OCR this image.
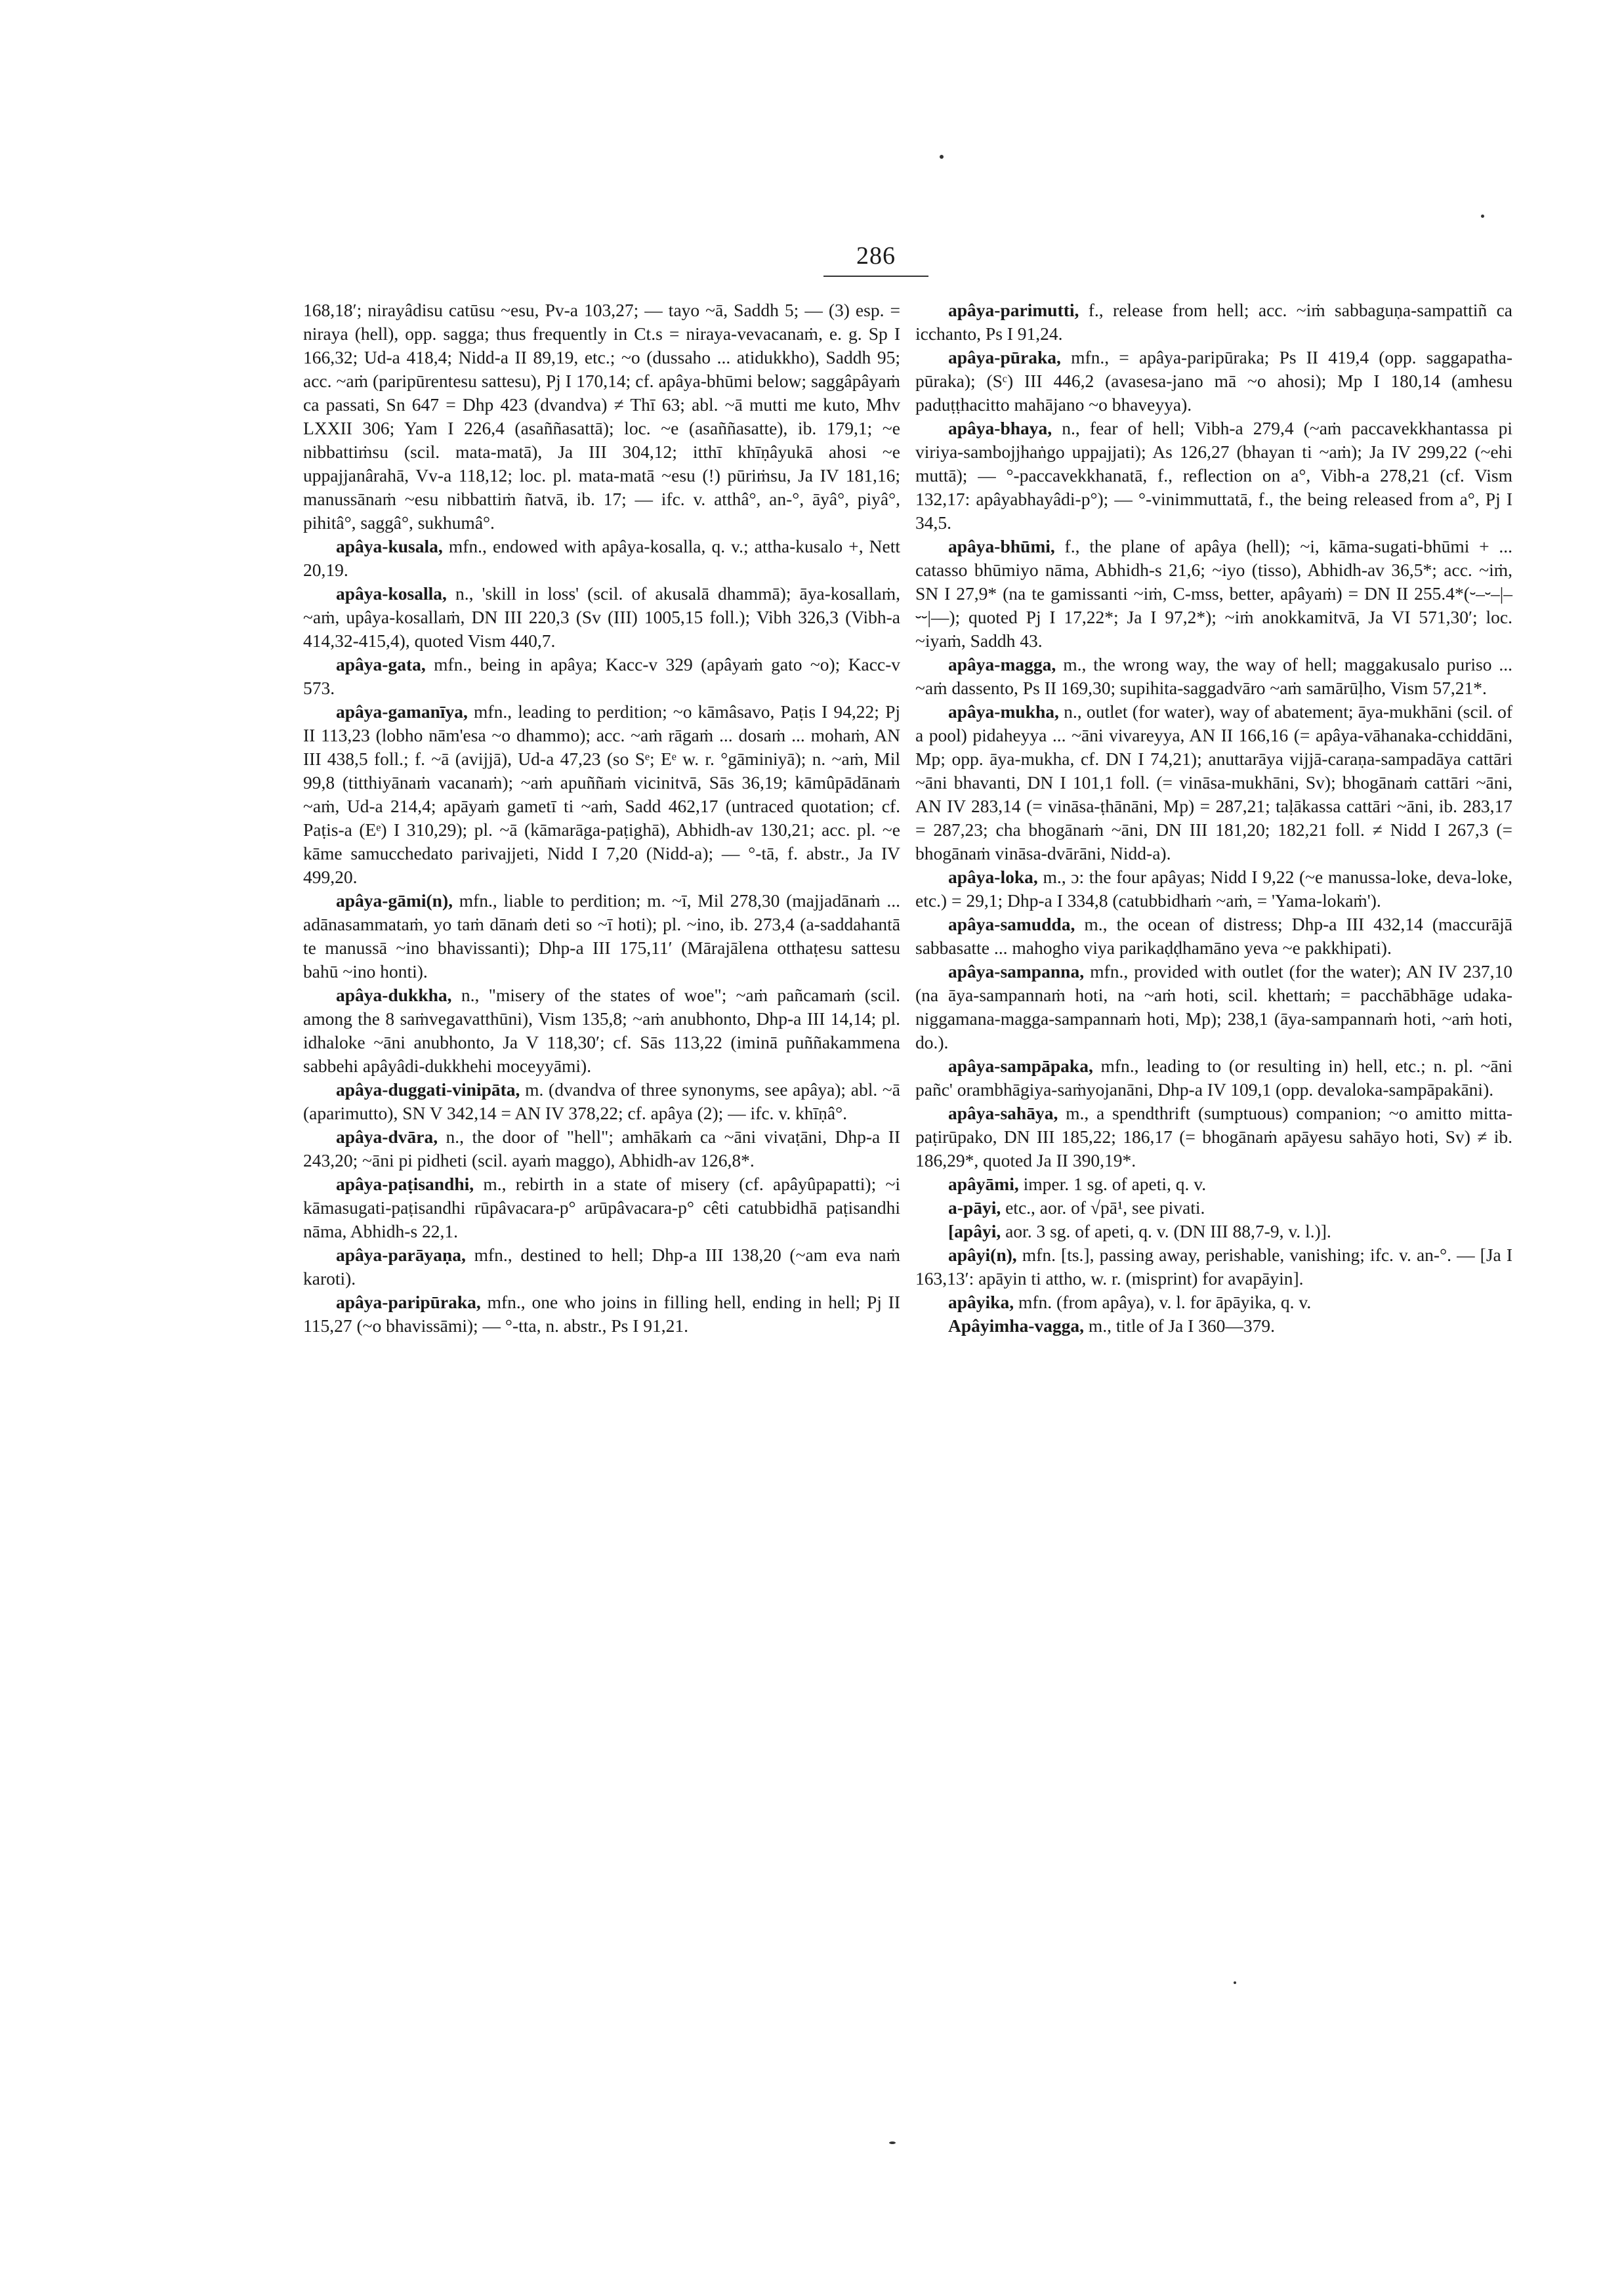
286
168,18′; nirayâdisu catūsu ~esu, Pv-a 103,27; — tayo ~ā, Saddh 5; — (3) esp. = niraya (hell), opp. sagga; thus frequently in Ct.s = niraya-vevacanaṁ, e. g. Sp I 166,32; Ud-a 418,4; Nidd-a II 89,19, etc.; ~o (dussaho ... atidukkho), Saddh 95; acc. ~aṁ (paripūrentesu sattesu), Pj I 170,14; cf. apâya-bhūmi below; saggâpâyaṁ ca passati, Sn 647 = Dhp 423 (dvandva) ≠ Thī 63; abl. ~ā mutti me kuto, Mhv LXXII 306; Yam I 226,4 (asaññasattā); loc. ~e (asaññasatte), ib. 179,1; ~e nibbattiṁsu (scil. mata-matā), Ja III 304,12; itthī khīṇâyukā ahosi ~e uppajjanârahā, Vv-a 118,12; loc. pl. mata-matā ~esu (!) pūriṁsu, Ja IV 181,16; manussānaṁ ~esu nibbattiṁ ñatvā, ib. 17; — ifc. v. atthâ°, an-°, āyâ°, piyâ°, pihitâ°, saggâ°, sukhumâ°.
apâya-kusala, mfn., endowed with apâya-kosalla, q. v.; attha-kusalo +, Nett 20,19.
apâya-kosalla, n., 'skill in loss' (scil. of akusalā dhammā); āya-kosallaṁ, ~aṁ, upâya-kosallaṁ, DN III 220,3 (Sv (III) 1005,15 foll.); Vibh 326,3 (Vibh-a 414,32-415,4), quoted Vism 440,7.
apâya-gata, mfn., being in apâya; Kacc-v 329 (apâyaṁ gato ~o); Kacc-v 573.
apâya-gamanīya, mfn., leading to perdition; ~o kāmâsavo, Paṭis I 94,22; Pj II 113,23 (lobho nām'esa ~o dhammo); acc. ~aṁ rāgaṁ ... dosaṁ ... mohaṁ, AN III 438,5 foll.; f. ~ā (avijjā), Ud-a 47,23 (so Sᵉ; Eᵉ w. r. °gāminiyā); n. ~aṁ, Mil 99,8 (titthiyānaṁ vacanaṁ); ~aṁ apuññaṁ vicinitvā, Sās 36,19; kāmûpādānaṁ ~aṁ, Ud-a 214,4; apāyaṁ gametī ti ~aṁ, Sadd 462,17 (untraced quotation; cf. Paṭis-a (Eᵉ) I 310,29); pl. ~ā (kāmarāga-paṭighā), Abhidh-av 130,21; acc. pl. ~e kāme samucchedato parivajjeti, Nidd I 7,20 (Nidd-a); — °-tā, f. abstr., Ja IV 499,20.
apâya-gāmi(n), mfn., liable to perdition; m. ~ī, Mil 278,30 (majjadānaṁ ... adānasammataṁ, yo taṁ dānaṁ deti so ~ī hoti); pl. ~ino, ib. 273,4 (a-saddahantā te manussā ~ino bhavissanti); Dhp-a III 175,11′ (Mārajālena otthaṭesu sattesu bahū ~ino honti).
apâya-dukkha, n., "misery of the states of woe"; ~aṁ pañcamaṁ (scil. among the 8 saṁvegavatthūni), Vism 135,8; ~aṁ anubhonto, Dhp-a III 14,14; pl. idhaloke ~āni anubhonto, Ja V 118,30′; cf. Sās 113,22 (iminā puññakammena sabbehi apâyâdi-dukkhehi moceyyāmi).
apâya-duggati-vinipāta, m. (dvandva of three synonyms, see apâya); abl. ~ā (aparimutto), SN V 342,14 = AN IV 378,22; cf. apâya (2); — ifc. v. khīṇâ°.
apâya-dvāra, n., the door of "hell"; amhākaṁ ca ~āni vivaṭāni, Dhp-a II 243,20; ~āni pi pidheti (scil. ayaṁ maggo), Abhidh-av 126,8*.
apâya-paṭisandhi, m., rebirth in a state of misery (cf. apâyûpapatti); ~i kāmasugati-paṭisandhi rūpâvacara-p° arūpâvacara-p° cêti catubbidhā paṭisandhi nāma, Abhidh-s 22,1.
apâya-parāyaṇa, mfn., destined to hell; Dhp-a III 138,20 (~am eva naṁ karoti).
apâya-paripūraka, mfn., one who joins in filling hell, ending in hell; Pj II 115,27 (~o bhavissāmi); — °-tta, n. abstr., Ps I 91,21.
apâya-parimutti, f., release from hell; acc. ~iṁ sabbaguṇa-sampattiñ ca icchanto, Ps I 91,24.
apâya-pūraka, mfn., = apâya-paripūraka; Ps II 419,4 (opp. saggapatha-pūraka); (Sᶜ) III 446,2 (avasesa-jano mā ~o ahosi); Mp I 180,14 (amhesu paduṭṭhacitto mahājano ~o bhaveyya).
apâya-bhaya, n., fear of hell; Vibh-a 279,4 (~aṁ paccavekkhantassa pi viriya-sambojjhaṅgo uppajjati); As 126,27 (bhayan ti ~aṁ); Ja IV 299,22 (~ehi muttā); — °-paccavekkhanatā, f., reflection on a°, Vibh-a 278,21 (cf. Vism 132,17: apâyabhayâdi-p°); — °-vinimmuttatā, f., the being released from a°, Pj I 34,5.
apâya-bhūmi, f., the plane of apâya (hell); ~i, kāma-sugati-bhūmi + ... catasso bhūmiyo nāma, Abhidh-s 21,6; ~iyo (tisso), Abhidh-av 36,5*; acc. ~iṁ, SN I 27,9* (na te gamissanti ~iṁ, C-mss, better, apâyaṁ) = DN II 255.4*(⏑–⏑–|–⏑⏑|––); quoted Pj I 17,22*; Ja I 97,2*); ~iṁ anokkamitvā, Ja VI 571,30′; loc. ~iyaṁ, Saddh 43.
apâya-magga, m., the wrong way, the way of hell; maggakusalo puriso ... ~aṁ dassento, Ps II 169,30; supihita-saggadvāro ~aṁ samārūḷho, Vism 57,21*.
apâya-mukha, n., outlet (for water), way of abatement; āya-mukhāni (scil. of a pool) pidaheyya ... ~āni vivareyya, AN II 166,16 (= apâya-vāhanaka-cchiddāni, Mp; opp. āya-mukha, cf. DN I 74,21); anuttarāya vijjā-caraṇa-sampadāya cattāri ~āni bhavanti, DN I 101,1 foll. (= vināsa-mukhāni, Sv); bhogānaṁ cattāri ~āni, AN IV 283,14 (= vināsa-ṭhānāni, Mp) = 287,21; taḷākassa cattāri ~āni, ib. 283,17 = 287,23; cha bhogānaṁ ~āni, DN III 181,20; 182,21 foll. ≠ Nidd I 267,3 (= bhogānaṁ vināsa-dvārāni, Nidd-a).
apâya-loka, m., ɔ: the four apâyas; Nidd I 9,22 (~e manussa-loke, deva-loke, etc.) = 29,1; Dhp-a I 334,8 (catubbidhaṁ ~aṁ, = 'Yama-lokaṁ').
apâya-samudda, m., the ocean of distress; Dhp-a III 432,14 (maccurājā sabbasatte ... mahogho viya parikaḍḍhamāno yeva ~e pakkhipati).
apâya-sampanna, mfn., provided with outlet (for the water); AN IV 237,10 (na āya-sampannaṁ hoti, na ~aṁ hoti, scil. khettaṁ; = pacchābhāge udaka-niggamana-magga-sampannaṁ hoti, Mp); 238,1 (āya-sampannaṁ hoti, ~aṁ hoti, do.).
apâya-sampāpaka, mfn., leading to (or resulting in) hell, etc.; n. pl. ~āni pañc' orambhāgiya-saṁyojanāni, Dhp-a IV 109,1 (opp. devaloka-sampāpakāni).
apâya-sahāya, m., a spendthrift (sumptuous) companion; ~o amitto mitta-paṭirūpako, DN III 185,22; 186,17 (= bhogānaṁ apāyesu sahāyo hoti, Sv) ≠ ib. 186,29*, quoted Ja II 390,19*.
apâyāmi, imper. 1 sg. of apeti, q. v.
a-pāyi, etc., aor. of √pā¹, see pivati.
[apâyi, aor. 3 sg. of apeti, q. v. (DN III 88,7-9, v. l.)].
apâyi(n), mfn. [ts.], passing away, perishable, vanishing; ifc. v. an-°. — [Ja I 163,13′: apāyin ti attho, w. r. (misprint) for avapāyin].
apâyika, mfn. (from apâya), v. l. for āpāyika, q. v.
Apâyimha-vagga, m., title of Ja I 360—379.
